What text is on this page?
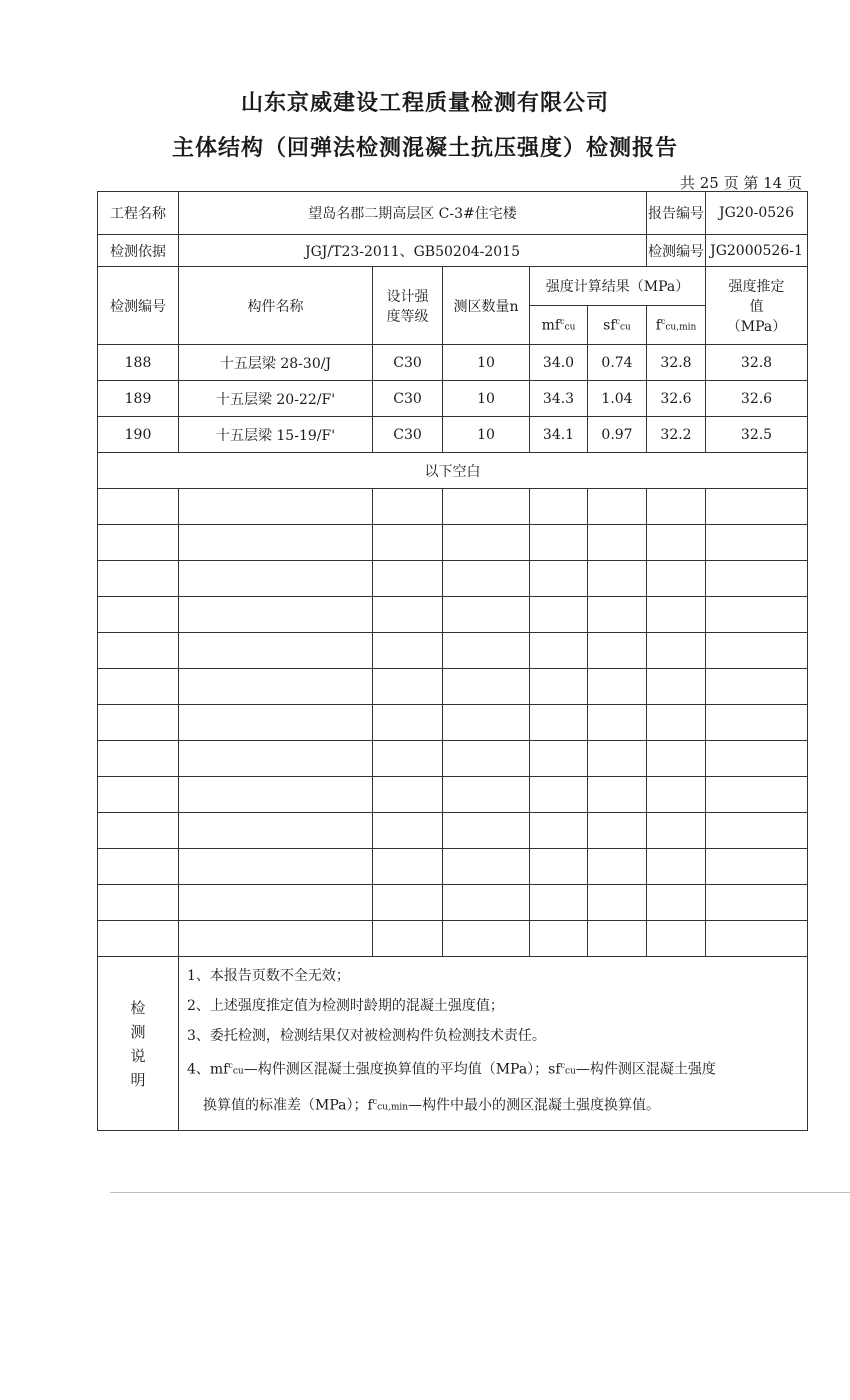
山东京威建设工程质量检测有限公司
主体结构（回弹法检测混凝土抗压强度）检测报告
共 25 页 第 14 页
工程名称	望岛名郡二期高层区 C-3#住宅楼					报告编号	JG20-0526
检测依据	JGJ/T23-2011、GB50204-2015					检测编号	JG2000526-1
检测编号	构件名称	设计强度等级	测区数量n	强度计算结果（MPa）			强度推定值
（MPa）

				$mf^ccu$	$sf^ccu$	$f^ccu,\min$	
188	十五层梁 28-30/J	C30	10	34.0	0.74	32.8	32.8
189	十五层梁 20-22/F'	C30	10	34.3	1.04	32.6	32.6
190	十五层梁 15-19/F'	C30	10	34.1	0.97	32.2	32.5
以下空白							

检测说明	1、本报告页数不全无效；
2、上述强度推定值为检测时龄期的混凝土强度值；
3、委托检测，检测结果仅对被检测构件负检测技术责任。
4、$mf^ccu—$构件测区混凝土强度换算值的平均值（MPa）；$sf^ccu—$构件测区混凝土强度
换算值的标准差（MPa）；$f^ccu,\min—$构件中最小的测区混凝土强度换算值。						
